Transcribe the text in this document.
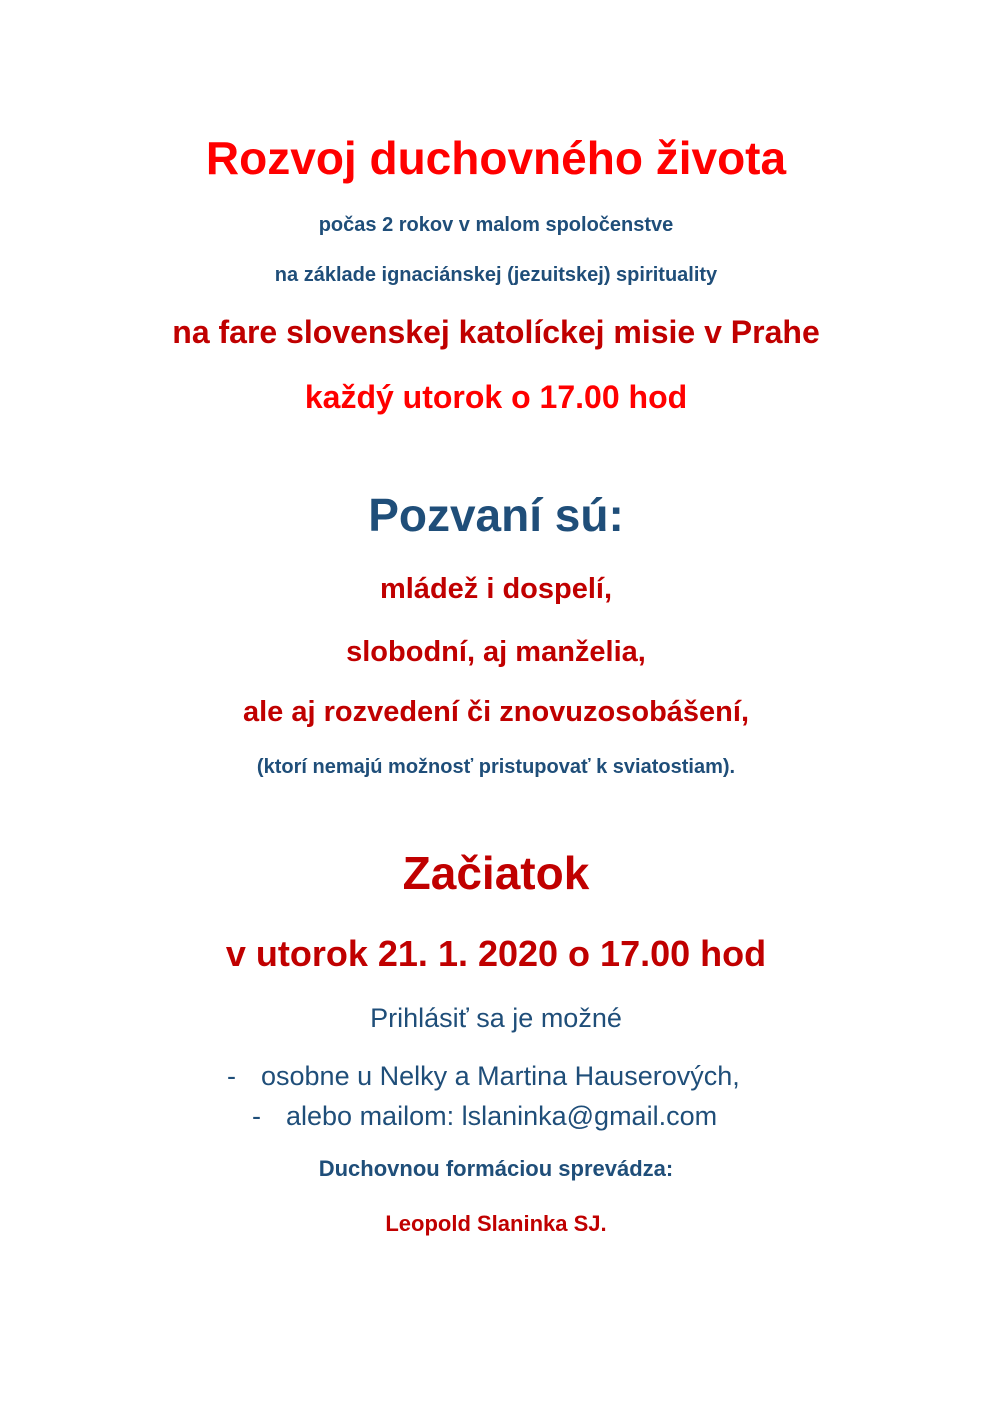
Rozvoj duchovného života
počas 2 rokov v malom spoločenstve
na základe ignaciánskej (jezuitskej) spirituality
na fare slovenskej katolíckej misie v Prahe
každý utorok o 17.00 hod
Pozvaní sú:
mládež i dospelí,
slobodní, aj manželia,
ale aj rozvedení či znovuzosobášení,
(ktorí nemajú možnosť pristupovať k sviatostiam).
Začiatok
v utorok 21. 1. 2020 o 17.00 hod
Prihlásiť sa je možné
- osobne u Nelky a Martina Hauserových,
- alebo mailom: lslaninka@gmail.com
Duchovnou formáciou sprevádza:
Leopold Slaninka SJ.
